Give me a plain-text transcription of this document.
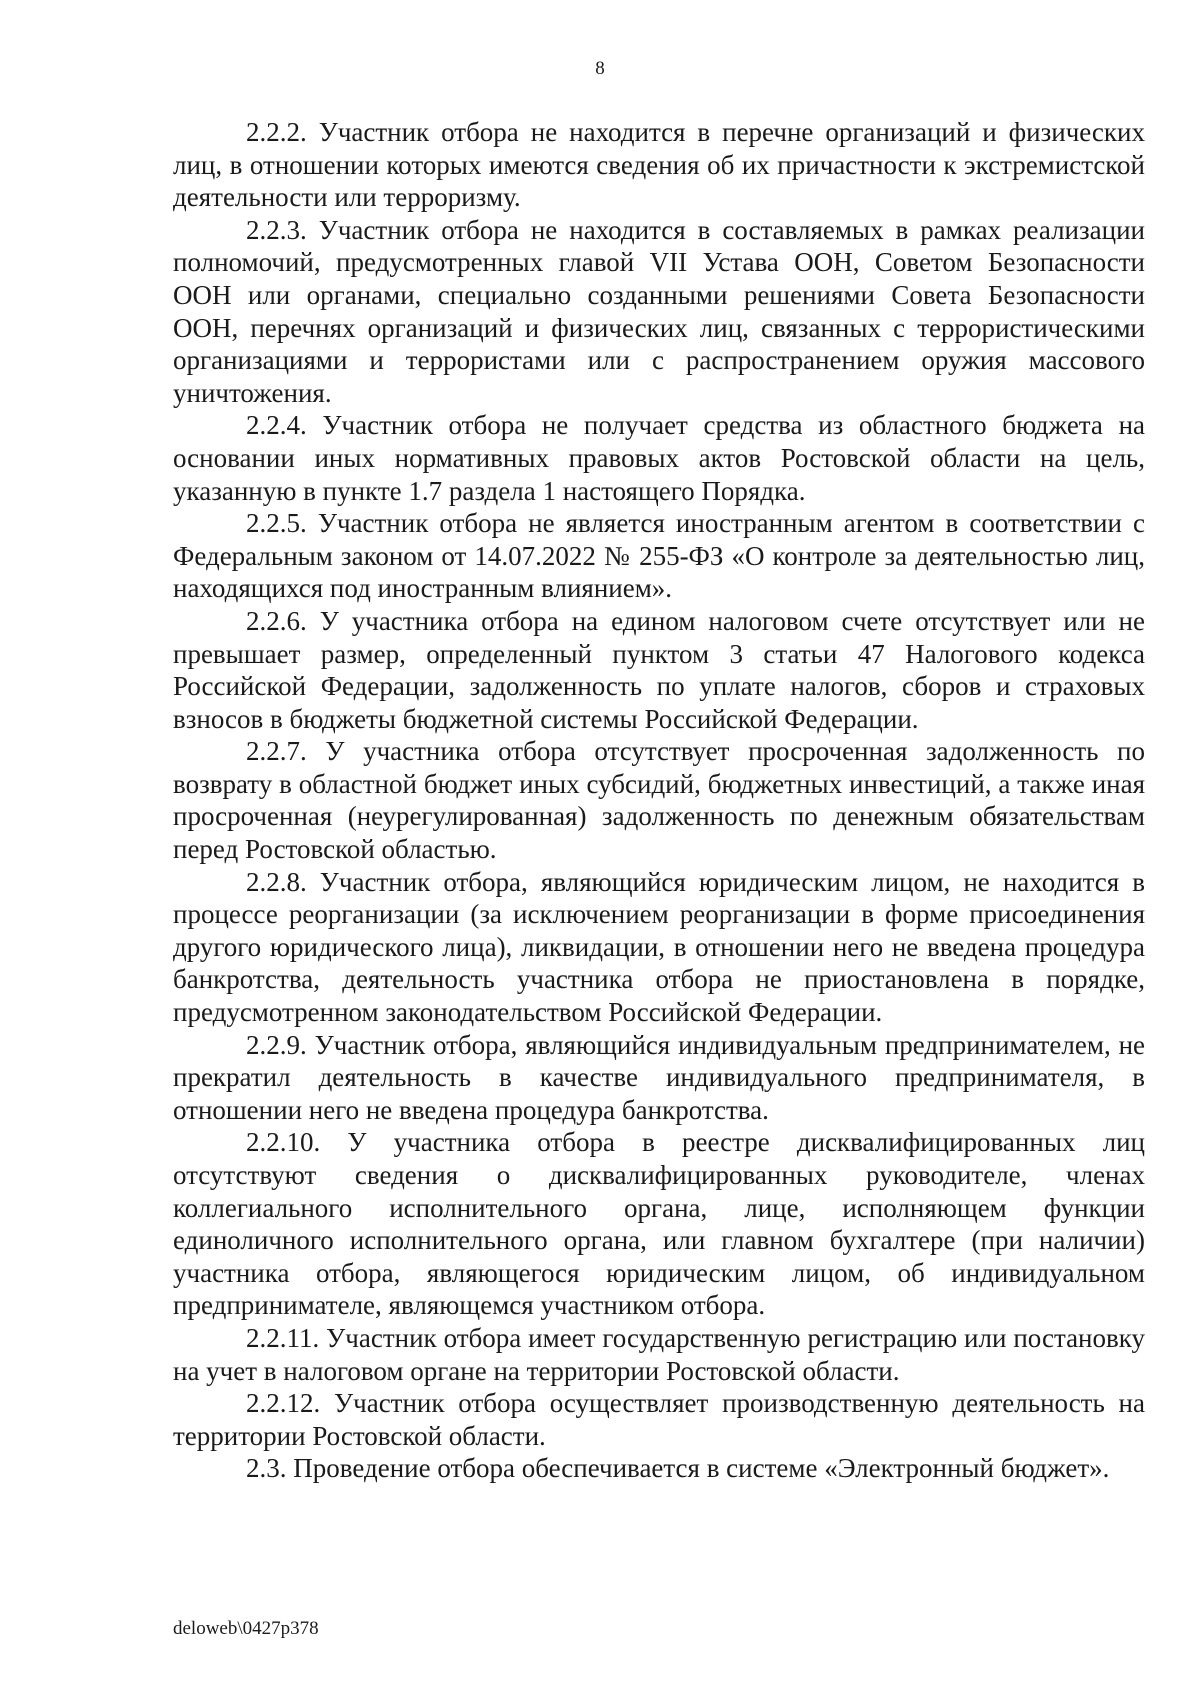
8

2.2.2. Участник отбора не находится в перечне организаций и физических лиц, в отношении которых имеются сведения об их причастности к экстремистской деятельности или терроризму.

2.2.3. Участник отбора не находится в составляемых в рамках реализации полномочий, предусмотренных главой VII Устава ООН, Советом Безопасности ООН или органами, специально созданными решениями Совета Безопасности ООН, перечнях организаций и физических лиц, связанных с террористическими организациями и террористами или с распространением оружия массового уничтожения.

2.2.4. Участник отбора не получает средства из областного бюджета на основании иных нормативных правовых актов Ростовской области на цель, указанную в пункте 1.7 раздела 1 настоящего Порядка.

2.2.5. Участник отбора не является иностранным агентом в соответствии с Федеральным законом от 14.07.2022 № 255-ФЗ «О контроле за деятельностью лиц, находящихся под иностранным влиянием».

2.2.6. У участника отбора на едином налоговом счете отсутствует или не превышает размер, определенный пунктом 3 статьи 47 Налогового кодекса Российской Федерации, задолженность по уплате налогов, сборов и страховых взносов в бюджеты бюджетной системы Российской Федерации.

2.2.7. У участника отбора отсутствует просроченная задолженность по возврату в областной бюджет иных субсидий, бюджетных инвестиций, а также иная просроченная (неурегулированная) задолженность по денежным обязательствам перед Ростовской областью.

2.2.8. Участник отбора, являющийся юридическим лицом, не находится в процессе реорганизации (за исключением реорганизации в форме присоединения другого юридического лица), ликвидации, в отношении него не введена процедура банкротства, деятельность участника отбора не приостановлена в порядке, предусмотренном законодательством Российской Федерации.

2.2.9. Участник отбора, являющийся индивидуальным предпринимателем, не прекратил деятельность в качестве индивидуального предпринимателя, в отношении него не введена процедура банкротства.

2.2.10. У участника отбора в реестре дисквалифицированных лиц отсутствуют сведения о дисквалифицированных руководителе, членах коллегиального исполнительного органа, лице, исполняющем функции единоличного исполнительного органа, или главном бухгалтере (при наличии) участника отбора, являющегося юридическим лицом, об индивидуальном предпринимателе, являющемся участником отбора.

2.2.11. Участник отбора имеет государственную регистрацию или постановку на учет в налоговом органе на территории Ростовской области.

2.2.12. Участник отбора осуществляет производственную деятельность на территории Ростовской области.

2.3. Проведение отбора обеспечивается в системе «Электронный бюджет».

deloweb\0427p378
